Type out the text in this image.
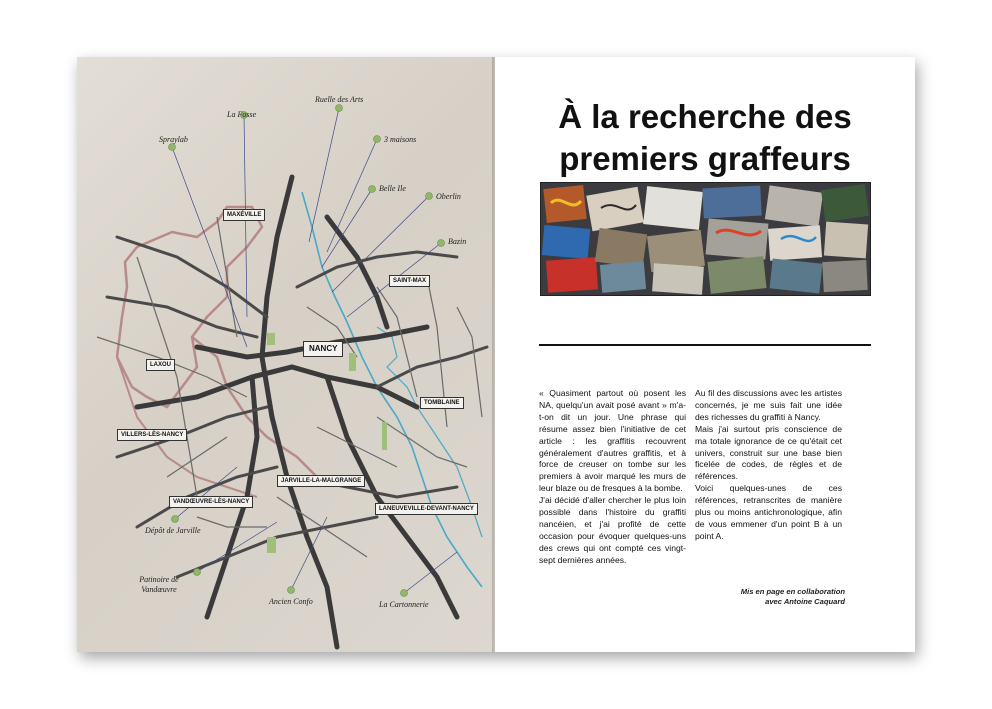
MAXÉVILLE
SAINT-MAX
NANCY
LAXOU
TOMBLAINE
VILLERS-LÈS-NANCY
JARVILLE-LA-MALGRANGE
VANDŒUVRE-LÈS-NANCY
LANEUVEVILLE-DEVANT-NANCY
La Fosse
Ruelle des Arts
Spraylab	3 maisons
Belle Ile
Oberlin
Bazin
Dépôt de Jarville
Patinoire de
Vandœuvre
Ancien Confo	La Cartonnerie
À la recherche des
premiers graffeurs

« Quasiment partout où posent les NA, quelqu'un avait posé avant » m'a-t-on dit un jour. Une phrase qui résume assez bien l'initiative de cet article : les graffitis recouvrent généralement d'autres graffitis, et à force de creuser on tombe sur les premiers à avoir marqué les murs de leur blaze ou de fresques à la bombe.

J'ai décidé d'aller chercher le plus loin possible dans l'histoire du graffiti nancéien, et j'ai profité de cette occasion pour évoquer quelques-uns des crews qui ont compté ces vingt-sept dernières années.

Au fil des discussions avec les artistes concernés, je me suis fait une idée des richesses du graffiti à Nancy.

Mais j'ai surtout pris conscience de ma totale ignorance de ce qu'était cet univers, construit sur une base bien ficelée de codes, de règles et de références.

Voici quelques-unes de ces références, retranscrites de manière plus ou moins antichronologique, afin de vous emmener d'un point B à un point A.

Mis en page en collaboration
avec Antoine Caquard
